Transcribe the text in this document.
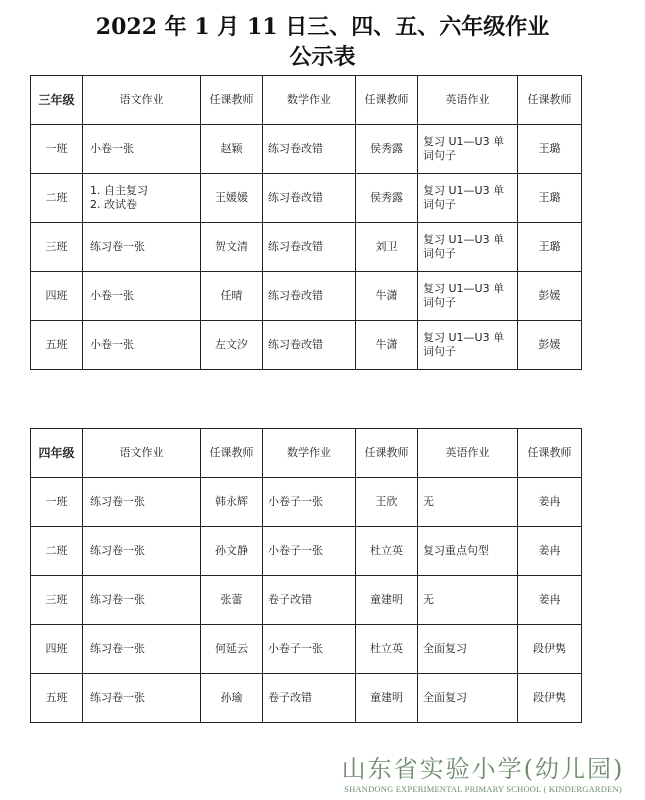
2022 年 1 月 11 日三、四、五、六年级作业
公示表
三年级	语文作业	任课教师	数学作业	任课教师	英语作业	任课教师
一班	小卷一张	赵颖	练习卷改错	侯秀露	复习 U1—U3 单词句子	王璐
二班	1. 自主复习
2. 改试卷	王媛媛	练习卷改错	侯秀露	复习 U1—U3 单词句子	王璐
三班	练习卷一张	贺文清	练习卷改错	刘卫	复习 U1—U3 单词句子	王璐
四班	小卷一张	任晴	练习卷改错	牛潇	复习 U1—U3 单词句子	彭媛
五班	小卷一张	左文汐	练习卷改错	牛潇	复习 U1—U3 单词句子	彭媛
四年级	语文作业	任课教师	数学作业	任课教师	英语作业	任课教师
一班	练习卷一张	韩永辉	小卷子一张	王欣	无	姜冉
二班	练习卷一张	孙文静	小卷子一张	杜立英	复习重点句型	姜冉
三班	练习卷一张	张蕾	卷子改错	童建明	无	姜冉
四班	练习卷一张	何延云	小卷子一张	杜立英	全面复习	段伊隽
五班	练习卷一张	孙瑜	卷子改错	童建明	全面复习	段伊隽
山东省实验小学(幼儿园)
SHANDONG EXPERIMENTAL PRIMARY SCHOOL ( KINDERGARDEN)
